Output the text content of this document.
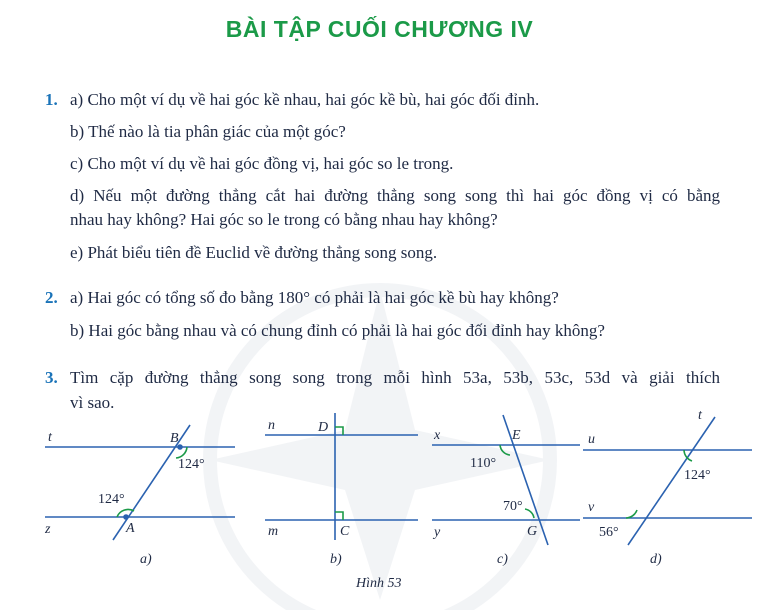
BÀI TẬP CUỐI CHƯƠNG IV
1. a) Cho một ví dụ về hai góc kề nhau, hai góc kề bù, hai góc đối đỉnh.
b) Thế nào là tia phân giác của một góc?
c) Cho một ví dụ về hai góc đồng vị, hai góc so le trong.
d) Nếu một đường thẳng cắt hai đường thẳng song song thì hai góc đồng vị có bằng
nhau hay không? Hai góc so le trong có bằng nhau hay không?
e) Phát biểu tiên đề Euclid về đường thẳng song song.
2. a) Hai góc có tổng số đo bằng 180° có phải là hai góc kề bù hay không?
b) Hai góc bằng nhau và có chung đỉnh có phải là hai góc đối đỉnh hay không?
3. Tìm cặp đường thẳng song song trong mỗi hình 53a, 53b, 53c, 53d và giải thích
vì sao.
t
z
B
A
124°
124°
a)
n
m
D
C
b)
x
y
E
G
110°
70°
c)
t
u
v
124°
56°
d)
Hình 53
